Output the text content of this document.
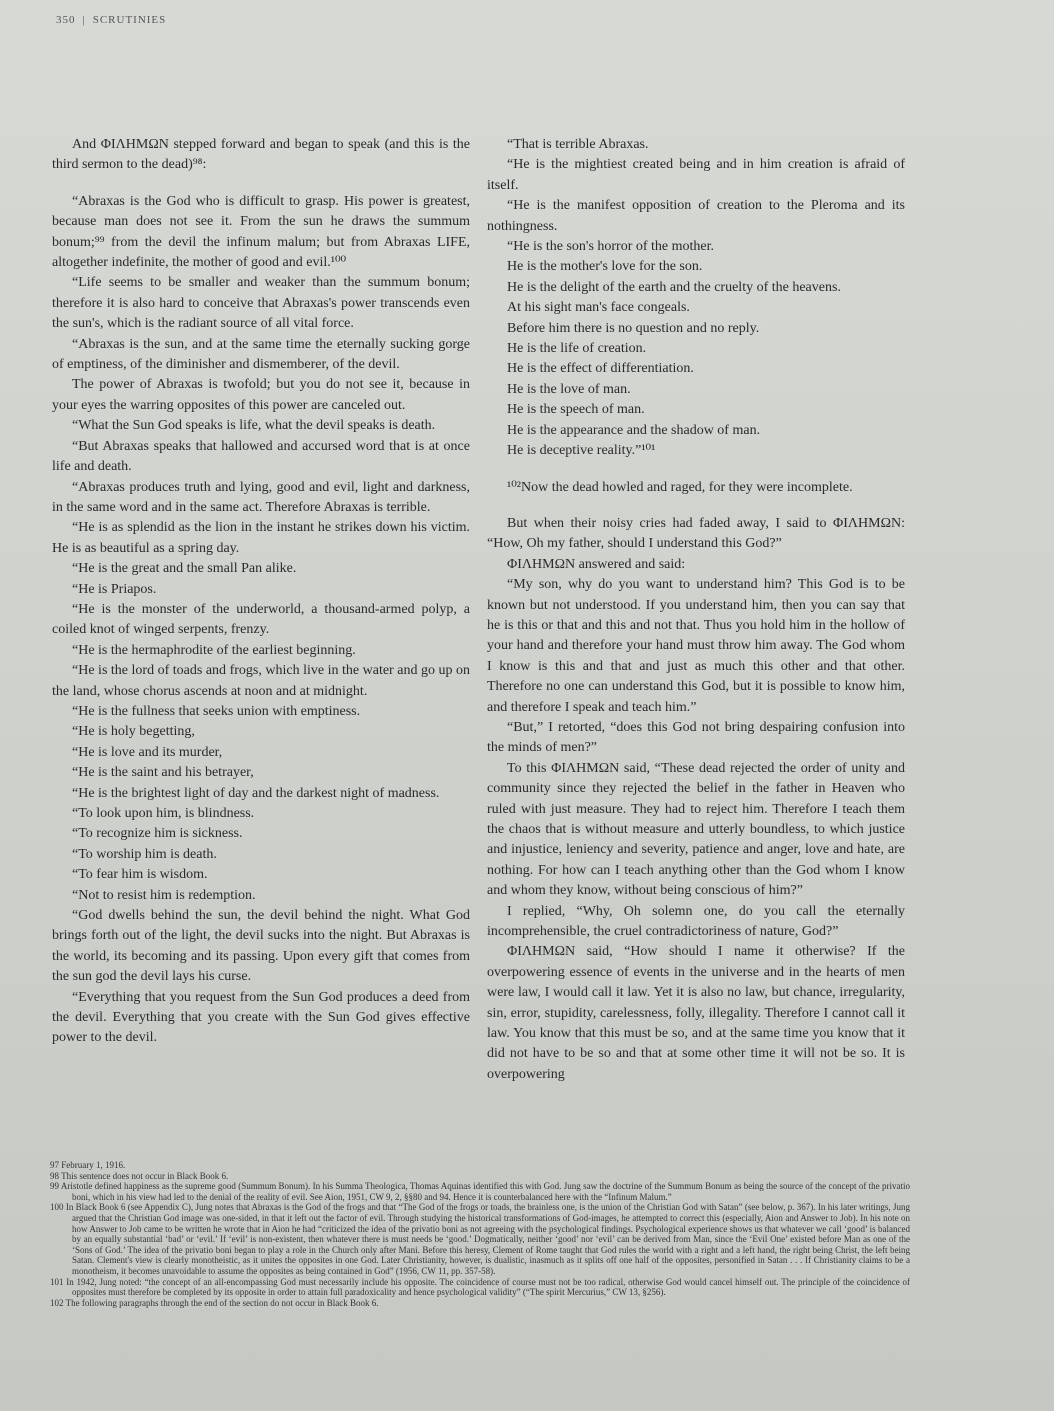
350 | SCRUTINIES

And ΦΙΛΗΜΩΝ stepped forward and began to speak (and this is the third sermon to the dead)⁹⁸:

“Abraxas is the God who is difficult to grasp. His power is greatest, because man does not see it. From the sun he draws the summum bonum;⁹⁹ from the devil the infinum malum; but from Abraxas LIFE, altogether indefinite, the mother of good and evil.¹⁰⁰

“Life seems to be smaller and weaker than the summum bonum; therefore it is also hard to conceive that Abraxas's power transcends even the sun's, which is the radiant source of all vital force.

“Abraxas is the sun, and at the same time the eternally sucking gorge of emptiness, of the diminisher and dismemberer, of the devil.

The power of Abraxas is twofold; but you do not see it, because in your eyes the warring opposites of this power are canceled out.

“What the Sun God speaks is life, what the devil speaks is death.

“But Abraxas speaks that hallowed and accursed word that is at once life and death.

“Abraxas produces truth and lying, good and evil, light and darkness, in the same word and in the same act. Therefore Abraxas is terrible.

“He is as splendid as the lion in the instant he strikes down his victim. He is as beautiful as a spring day.

“He is the great and the small Pan alike.

“He is Priapos.

“He is the monster of the underworld, a thousand-armed polyp, a coiled knot of winged serpents, frenzy.

“He is the hermaphrodite of the earliest beginning.

“He is the lord of toads and frogs, which live in the water and go up on the land, whose chorus ascends at noon and at midnight.

“He is the fullness that seeks union with emptiness.

“He is holy begetting,

“He is love and its murder,

“He is the saint and his betrayer,

“He is the brightest light of day and the darkest night of madness.

“To look upon him, is blindness.

“To recognize him is sickness.

“To worship him is death.

“To fear him is wisdom.

“Not to resist him is redemption.

“God dwells behind the sun, the devil behind the night. What God brings forth out of the light, the devil sucks into the night. But Abraxas is the world, its becoming and its passing. Upon every gift that comes from the sun god the devil lays his curse.

“Everything that you request from the Sun God produces a deed from the devil. Everything that you create with the Sun God gives effective power to the devil.

“That is terrible Abraxas.

“He is the mightiest created being and in him creation is afraid of itself.

“He is the manifest opposition of creation to the Pleroma and its nothingness.

“He is the son's horror of the mother.

He is the mother's love for the son.

He is the delight of the earth and the cruelty of the heavens.

At his sight man's face congeals.

Before him there is no question and no reply.

He is the life of creation.

He is the effect of differentiation.

He is the love of man.

He is the speech of man.

He is the appearance and the shadow of man.

He is deceptive reality.”¹⁰¹

¹⁰²Now the dead howled and raged, for they were incomplete.

But when their noisy cries had faded away, I said to ΦΙΛΗΜΩΝ: “How, Oh my father, should I understand this God?”

ΦΙΛΗΜΩΝ answered and said:

“My son, why do you want to understand him? This God is to be known but not understood. If you understand him, then you can say that he is this or that and this and not that. Thus you hold him in the hollow of your hand and therefore your hand must throw him away. The God whom I know is this and that and just as much this other and that other. Therefore no one can understand this God, but it is possible to know him, and therefore I speak and teach him.”

“But,” I retorted, “does this God not bring despairing confusion into the minds of men?”

To this ΦΙΛΗΜΩΝ said, “These dead rejected the order of unity and community since they rejected the belief in the father in Heaven who ruled with just measure. They had to reject him. Therefore I teach them the chaos that is without measure and utterly boundless, to which justice and injustice, leniency and severity, patience and anger, love and hate, are nothing. For how can I teach anything other than the God whom I know and whom they know, without being conscious of him?”

I replied, “Why, Oh solemn one, do you call the eternally incomprehensible, the cruel contradictoriness of nature, God?”

ΦΙΛΗΜΩΝ said, “How should I name it otherwise? If the overpowering essence of events in the universe and in the hearts of men were law, I would call it law. Yet it is also no law, but chance, irregularity, sin, error, stupidity, carelessness, folly, illegality. Therefore I cannot call it law. You know that this must be so, and at the same time you know that it did not have to be so and that at some other time it will not be so. It is overpowering

97 February 1, 1916.

98 This sentence does not occur in Black Book 6.

99 Aristotle defined happiness as the supreme good (Summum Bonum). In his Summa Theologica, Thomas Aquinas identified this with God. Jung saw the doctrine of the Summum Bonum as being the source of the concept of the privatio boni, which in his view had led to the denial of the reality of evil. See Aion, 1951, CW 9, 2, §§80 and 94. Hence it is counterbalanced here with the “Infinum Malum.”

100 In Black Book 6 (see Appendix C), Jung notes that Abraxas is the God of the frogs and that “The God of the frogs or toads, the brainless one, is the union of the Christian God with Satan” (see below, p. 367). In his later writings, Jung argued that the Christian God image was one-sided, in that it left out the factor of evil. Through studying the historical transformations of God-images, he attempted to correct this (especially, Aion and Answer to Job). In his note on how Answer to Job came to be written he wrote that in Aion he had “criticized the idea of the privatio boni as not agreeing with the psychological findings. Psychological experience shows us that whatever we call ‘good’ is balanced by an equally substantial ‘bad’ or ‘evil.’ If ‘evil’ is non-existent, then whatever there is must needs be ‘good.’ Dogmatically, neither ‘good’ nor ‘evil’ can be derived from Man, since the ‘Evil One’ existed before Man as one of the ‘Sons of God.’ The idea of the privatio boni began to play a role in the Church only after Mani. Before this heresy, Clement of Rome taught that God rules the world with a right and a left hand, the right being Christ, the left being Satan. Clement's view is clearly monotheistic, as it unites the opposites in one God. Later Christianity, however, is dualistic, inasmuch as it splits off one half of the opposites, personified in Satan . . . If Christianity claims to be a monotheism, it becomes unavoidable to assume the opposites as being contained in God” (1956, CW 11, pp. 357-58).

101 In 1942, Jung noted: “the concept of an all-encompassing God must necessarily include his opposite. The coincidence of course must not be too radical, otherwise God would cancel himself out. The principle of the coincidence of opposites must therefore be completed by its opposite in order to attain full paradoxicality and hence psychological validity” (“The spirit Mercurius,” CW 13, §256).

102 The following paragraphs through the end of the section do not occur in Black Book 6.
